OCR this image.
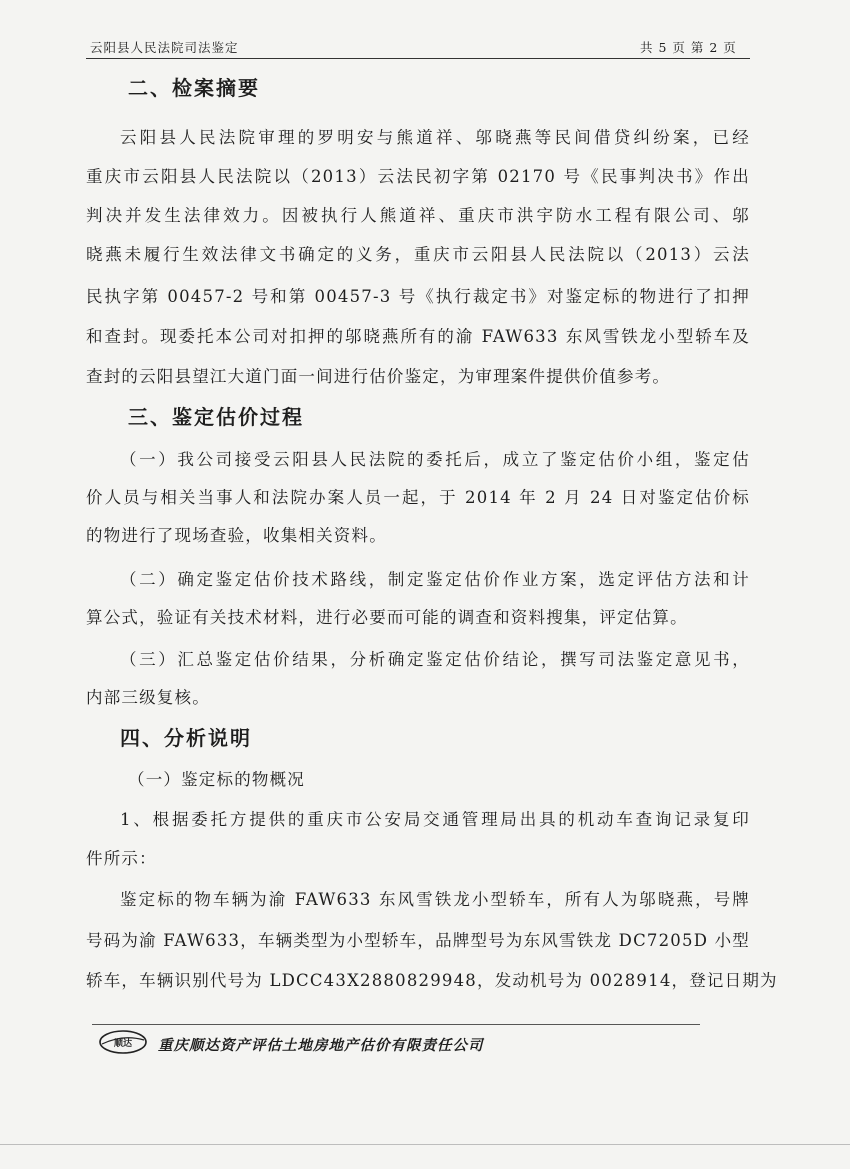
云阳县人民法院司法鉴定	共 5 页 第 2 页
二、检案摘要
云阳县人民法院审理的罗明安与熊道祥、邬晓燕等民间借贷纠纷案，已经
重庆市云阳县人民法院以（2013）云法民初字第 02170 号《民事判决书》作出
判决并发生法律效力。因被执行人熊道祥、重庆市洪宇防水工程有限公司、邬
晓燕未履行生效法律文书确定的义务，重庆市云阳县人民法院以（2013）云法
民执字第 00457-2 号和第 00457-3 号《执行裁定书》对鉴定标的物进行了扣押
和查封。现委托本公司对扣押的邬晓燕所有的渝 FAW633 东风雪铁龙小型轿车及
查封的云阳县望江大道门面一间进行估价鉴定，为审理案件提供价值参考。
三、鉴定估价过程
（一）我公司接受云阳县人民法院的委托后，成立了鉴定估价小组，鉴定估
价人员与相关当事人和法院办案人员一起，于 2014 年 2 月 24 日对鉴定估价标
的物进行了现场查验，收集相关资料。
（二）确定鉴定估价技术路线，制定鉴定估价作业方案，选定评估方法和计
算公式，验证有关技术材料，进行必要而可能的调查和资料搜集，评定估算。
（三）汇总鉴定估价结果，分析确定鉴定估价结论，撰写司法鉴定意见书，
内部三级复核。
四、分析说明
（一）鉴定标的物概况
1、根据委托方提供的重庆市公安局交通管理局出具的机动车查询记录复印
件所示：
鉴定标的物车辆为渝 FAW633 东风雪铁龙小型轿车，所有人为邬晓燕，号牌
号码为渝 FAW633，车辆类型为小型轿车，品牌型号为东风雪铁龙 DC7205D 小型
轿车，车辆识别代号为 LDCC43X2880829948，发动机号为 0028914，登记日期为
顺达 重庆顺达资产评估土地房地产估价有限责任公司
